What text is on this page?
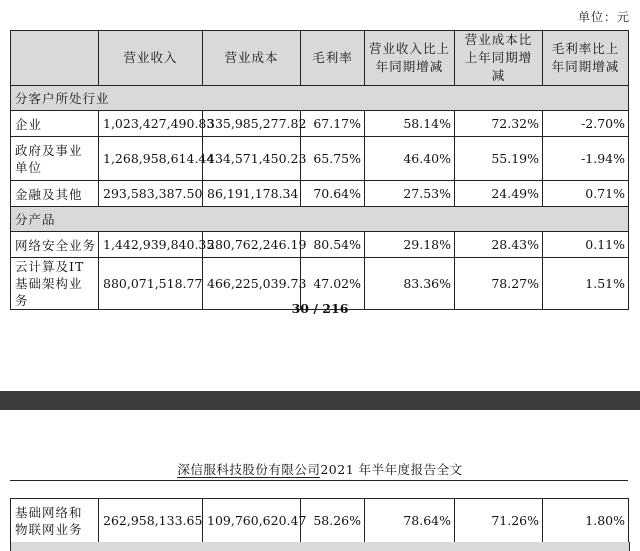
单位：元
	营业收入	营业成本	毛利率	营业收入比上年同期增减	营业成本比上年同期增减	毛利率比上年同期增减
分客户所处行业						
企业	1,023,427,490.83	335,985,277.82	67.17%	58.14%	72.32%	-2.70%
政府及事业单位	1,268,958,614.44	434,571,450.23	65.75%	46.40%	55.19%	-1.94%
金融及其他	293,583,387.50	86,191,178.34	70.64%	27.53%	24.49%	0.71%
分产品						
网络安全业务	1,442,939,840.35	280,762,246.19	80.54%	29.18%	28.43%	0.11%
云计算及IT基础架构业务	880,071,518.77	466,225,039.73	47.02%	83.36%	78.27%	1.51%
30 / 216
深信服科技股份有限公司2021 年半年度报告全文
基础网络和物联网业务	262,958,133.65	109,760,620.47	58.26%	78.64%	71.26%	1.80%
